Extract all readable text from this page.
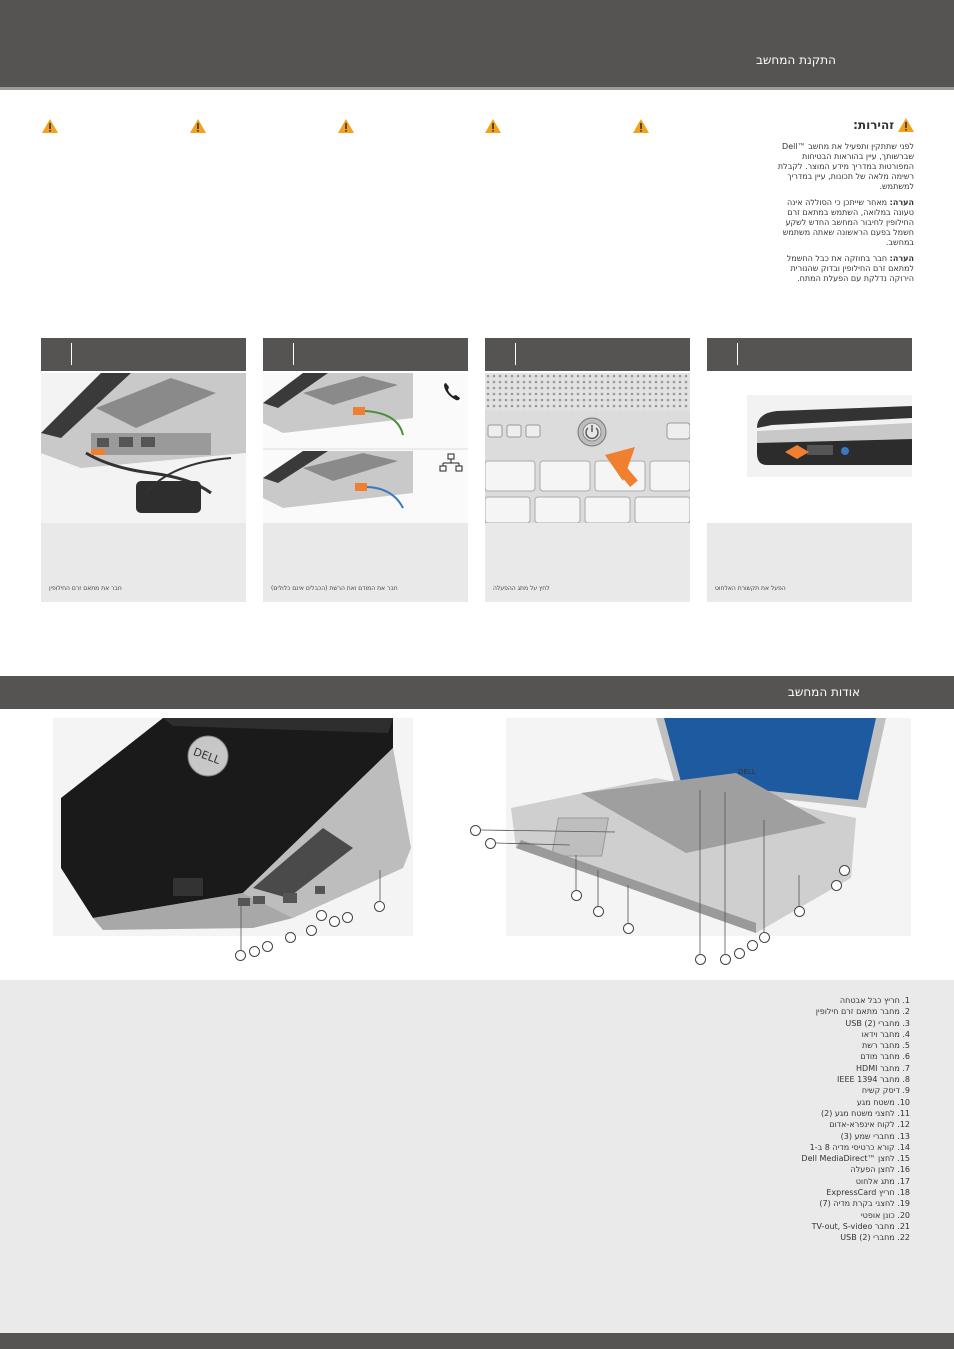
התקנת המחשב
זהירות:
לפני שתתקין ותפעיל את מחשב ™Dell שברשותך, עיין בהוראות הבטיחות המפורטות במדריך מידע המוצר. לקבלת רשימה מלאה של תכונות, עיין במדריך למשתמש.
הערה: מאחר שייתכן כי הסוללה אינה טעונה במלואה, השתמש במתאם זרם החילופין לחיבור המחשב החדש לשקע חשמל בפעם הראשונה שאתה משתמש במחשב.
הערה: חבר בחוזקה את כבל החשמל למתאם זרם החילופין ובדוק שהנורית הירוקה נדלקת עם הפעלת המתח.
חבר את מתאם זרם החילופין	חבר את המודם ואת הרשת (הכבלים אינם כלולים)	לחץ על מתג ההפעלה	הפעל את תקשורת האלחוט
אודות המחשב
DELL
DELL
1. חריץ כבל אבטחה
2. מחבר מתאם זרם חילופין
3. מחברי USB (2)
4. מחבר וידאו
5. מחבר רשת
6. מחבר מודם
7. מחבר HDMI
8. מחבר IEEE 1394
9. דיסק קשיח
10. משטח מגע
11. לחצני משטח מגע (2)
12. לקוח אינפרא-אדום
13. מחברי שמע (3)
14. קורא כרטיסי מדיה 8 ב-1
15. לחצן ™Dell MediaDirect
16. לחצן הפעלה
17. מתג אלחוט
18. חריץ ExpressCard
19. לחצני בקרת מדיה (7)
20. כונן אופטי
21. מחבר TV-out, S-video
22. מחברי USB (2)
